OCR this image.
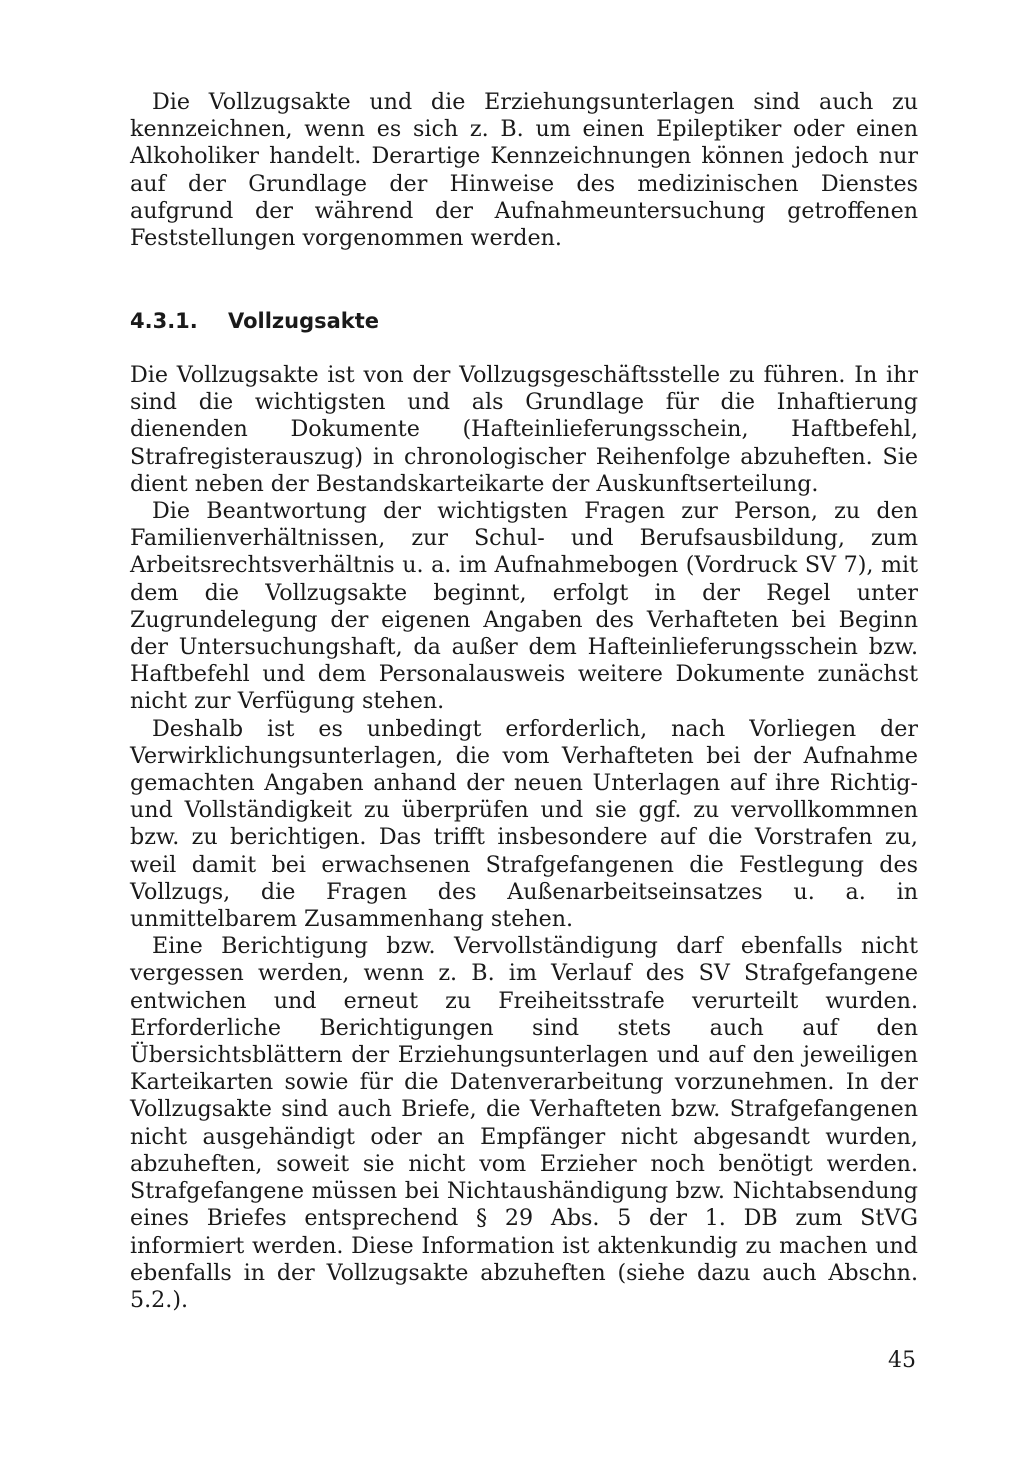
Die Vollzugsakte und die Erziehungsunterlagen sind auch zu kennzeichnen, wenn es sich z. B. um einen Epileptiker oder einen Alkoholiker handelt. Derartige Kennzeichnungen können jedoch nur auf der Grundlage der Hinweise des medizinischen Dienstes aufgrund der während der Aufnahmeuntersuchung getroffenen Feststellungen vorgenommen werden.

4.3.1. Vollzugsakte

Die Vollzugsakte ist von der Vollzugsgeschäftsstelle zu führen. In ihr sind die wichtigsten und als Grundlage für die Inhaftierung dienenden Dokumente (Hafteinlieferungsschein, Haftbefehl, Strafregisterauszug) in chronologischer Reihenfolge abzuheften. Sie dient neben der Bestandskarteikarte der Auskunftserteilung.

Die Beantwortung der wichtigsten Fragen zur Person, zu den Familienverhältnissen, zur Schul- und Berufsausbildung, zum Arbeitsrechtsverhältnis u. a. im Aufnahmebogen (Vordruck SV 7), mit dem die Vollzugsakte beginnt, erfolgt in der Regel unter Zugrundelegung der eigenen Angaben des Verhafteten bei Beginn der Untersuchungshaft, da außer dem Hafteinlieferungsschein bzw. Haftbefehl und dem Personalausweis weitere Dokumente zunächst nicht zur Verfügung stehen.

Deshalb ist es unbedingt erforderlich, nach Vorliegen der Verwirklichungsunterlagen, die vom Verhafteten bei der Aufnahme gemachten Angaben anhand der neuen Unterlagen auf ihre Richtig- und Vollständigkeit zu überprüfen und sie ggf. zu vervollkommnen bzw. zu berichtigen. Das trifft insbesondere auf die Vorstrafen zu, weil damit bei erwachsenen Strafgefangenen die Festlegung des Vollzugs, die Fragen des Außenarbeitseinsatzes u. a. in unmittelbarem Zusammenhang stehen.

Eine Berichtigung bzw. Vervollständigung darf ebenfalls nicht vergessen werden, wenn z. B. im Verlauf des SV Strafgefangene entwichen und erneut zu Freiheitsstrafe verurteilt wurden. Erforderliche Berichtigungen sind stets auch auf den Übersichtsblättern der Erziehungsunterlagen und auf den jeweiligen Karteikarten sowie für die Datenverarbeitung vorzunehmen. In der Vollzugsakte sind auch Briefe, die Verhafteten bzw. Strafgefangenen nicht ausgehändigt oder an Empfänger nicht abgesandt wurden, abzuheften, soweit sie nicht vom Erzieher noch benötigt werden. Strafgefangene müssen bei Nichtaushändigung bzw. Nichtabsendung eines Briefes entsprechend § 29 Abs. 5 der 1. DB zum StVG informiert werden. Diese Information ist aktenkundig zu machen und ebenfalls in der Vollzugsakte abzuheften (siehe dazu auch Abschn. 5.2.).

45
